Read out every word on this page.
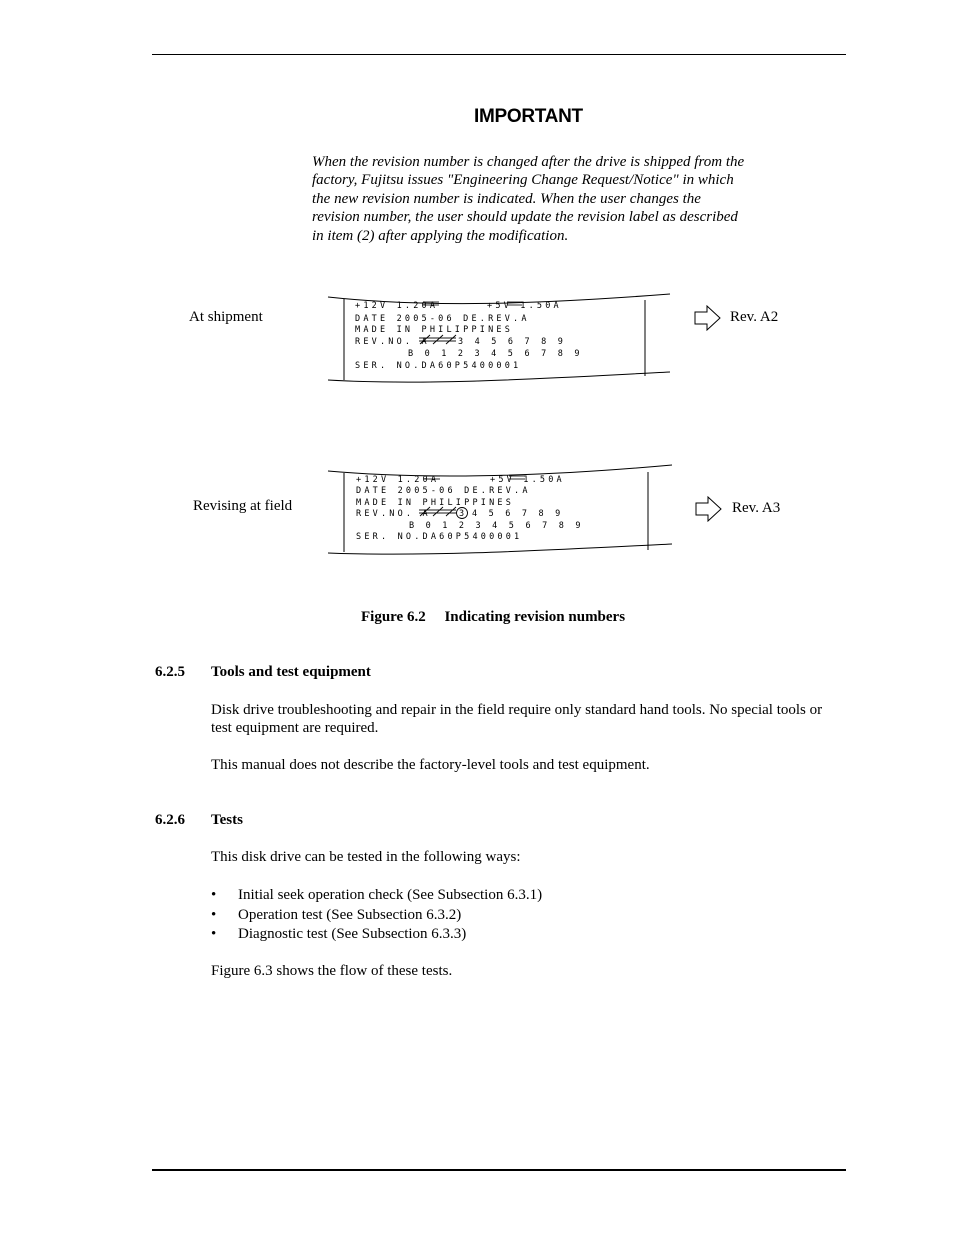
IMPORTANT
When the revision number is changed after the drive is shipped from the factory, Fujitsu issues "Engineering Change Request/Notice" in which the new revision number is indicated. When the user changes the revision number, the user should update the revision label as described in item (2) after applying the modification.
At shipment
+12V 1.20A	+5V 1.50A
DATE 2005-06 DE.REV.A
MADE IN PHILIPPINES
REV.NO. A	3 4 5 6 7 8 9
B 0 1 2 3 4 5 6 7 8 9
SER. NO.DA60P5400001
Rev. A2
Revising at field
+12V 1.20A	+5V 1.50A
DATE 2005-06 DE.REV.A
MADE IN PHILIPPINES
REV.NO. A	3 4 5 6 7 8 9
B 0 1 2 3 4 5 6 7 8 9
SER. NO.DA60P5400001
Rev. A3
Figure 6.2 Indicating revision numbers
6.2.5 Tools and test equipment
Disk drive troubleshooting and repair in the field require only standard hand tools. No special tools or test equipment are required.
This manual does not describe the factory-level tools and test equipment.
6.2.6 Tests
This disk drive can be tested in the following ways:
• Initial seek operation check (See Subsection 6.3.1)
• Operation test (See Subsection 6.3.2)
• Diagnostic test (See Subsection 6.3.3)
Figure 6.3 shows the flow of these tests.
